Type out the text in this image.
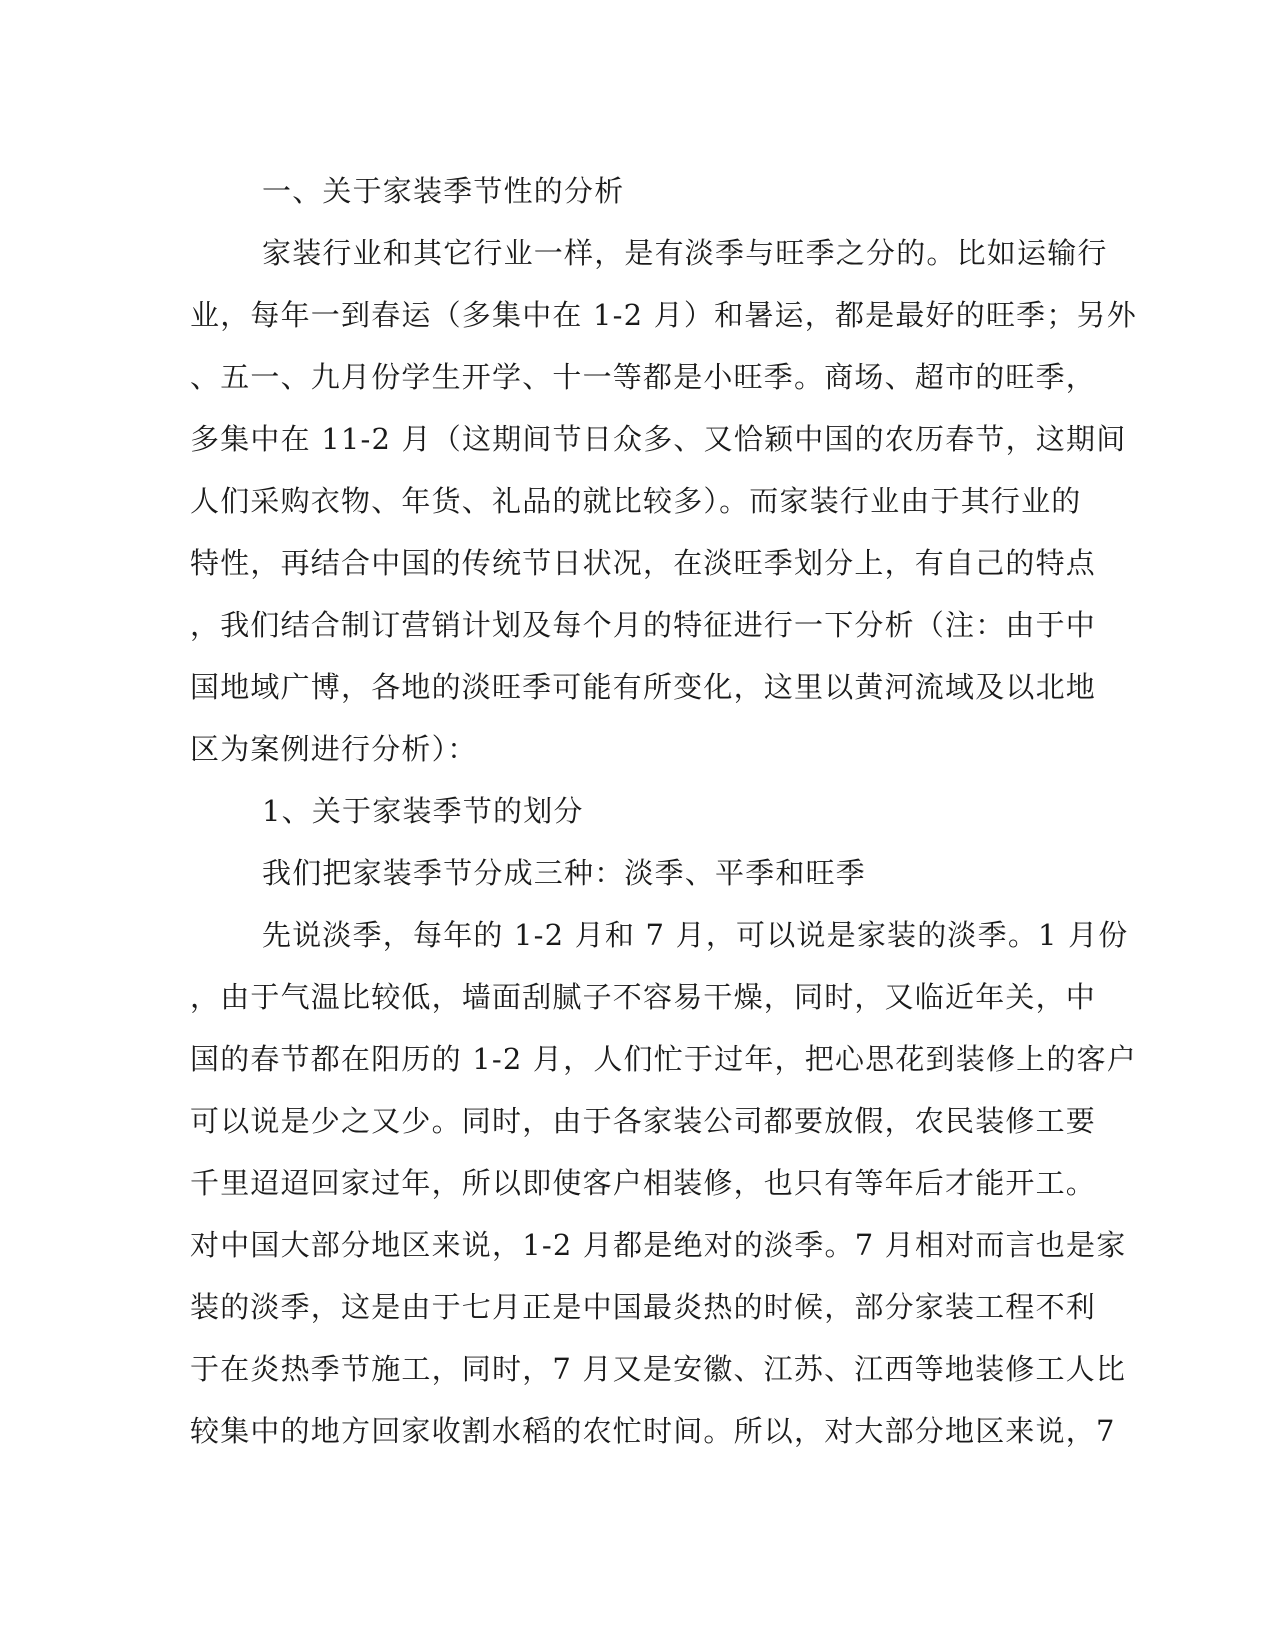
一、关于家装季节性的分析
家装行业和其它行业一样，是有淡季与旺季之分的。比如运输行
业，每年一到春运（多集中在 1-2 月）和暑运，都是最好的旺季；另外
、五一、九月份学生开学、十一等都是小旺季。商场、超市的旺季，
多集中在 11-2 月（这期间节日众多、又恰颖中国的农历春节，这期间
人们采购衣物、年货、礼品的就比较多）。而家装行业由于其行业的
特性，再结合中国的传统节日状况，在淡旺季划分上，有自己的特点
，我们结合制订营销计划及每个月的特征进行一下分析（注：由于中
国地域广博，各地的淡旺季可能有所变化，这里以黄河流域及以北地
区为案例进行分析）：
1、关于家装季节的划分
我们把家装季节分成三种：淡季、平季和旺季
先说淡季，每年的 1-2 月和 7 月，可以说是家装的淡季。1 月份
，由于气温比较低，墙面刮腻子不容易干燥，同时，又临近年关，中
国的春节都在阳历的 1-2 月，人们忙于过年，把心思花到装修上的客户
可以说是少之又少。同时，由于各家装公司都要放假，农民装修工要
千里迢迢回家过年，所以即使客户相装修，也只有等年后才能开工。
对中国大部分地区来说，1-2 月都是绝对的淡季。7 月相对而言也是家
装的淡季，这是由于七月正是中国最炎热的时候，部分家装工程不利
于在炎热季节施工，同时，7 月又是安徽、江苏、江西等地装修工人比
较集中的地方回家收割水稻的农忙时间。所以，对大部分地区来说，7
